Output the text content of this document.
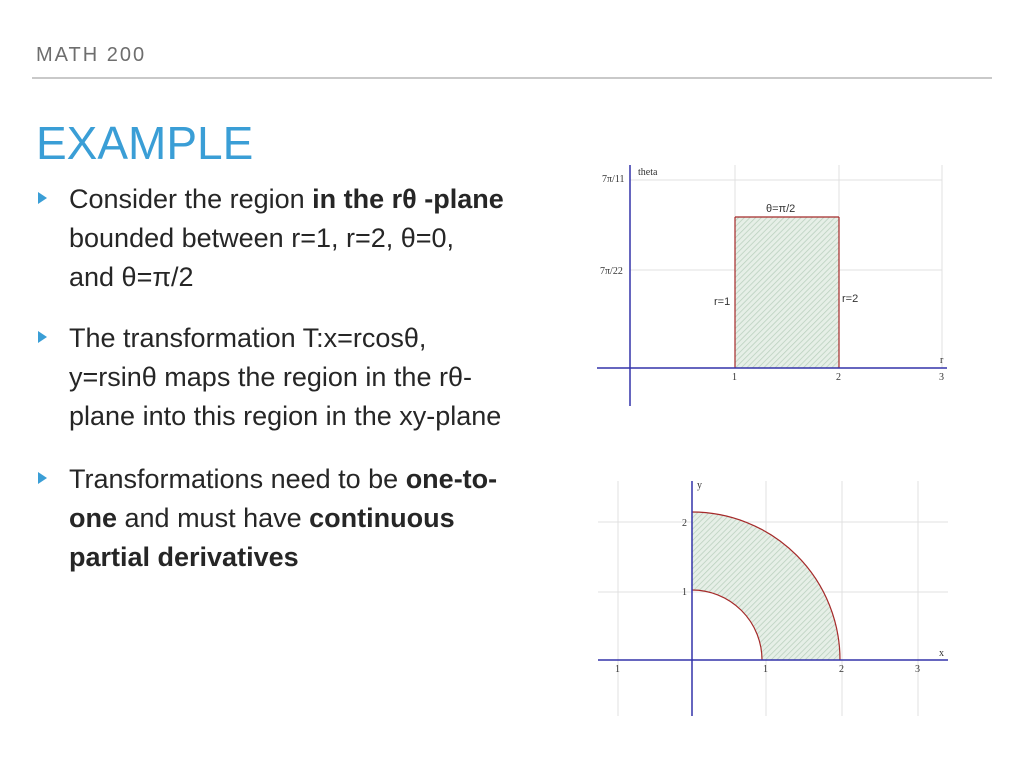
MATH 200
EXAMPLE
Consider the region in the rθ -plane bounded between r=1, r=2, θ=0, and θ=π/2
The transformation T:x=rcosθ, y=rsinθ maps the region in the rθ-plane into this region in the xy-plane
Transformations need to be one-to-one and must have continuous partial derivatives
7π/11
7π/22
theta
r
1	2	3
θ=π/2
r=1	r=2
y
x
2
1
1	1	2	3
